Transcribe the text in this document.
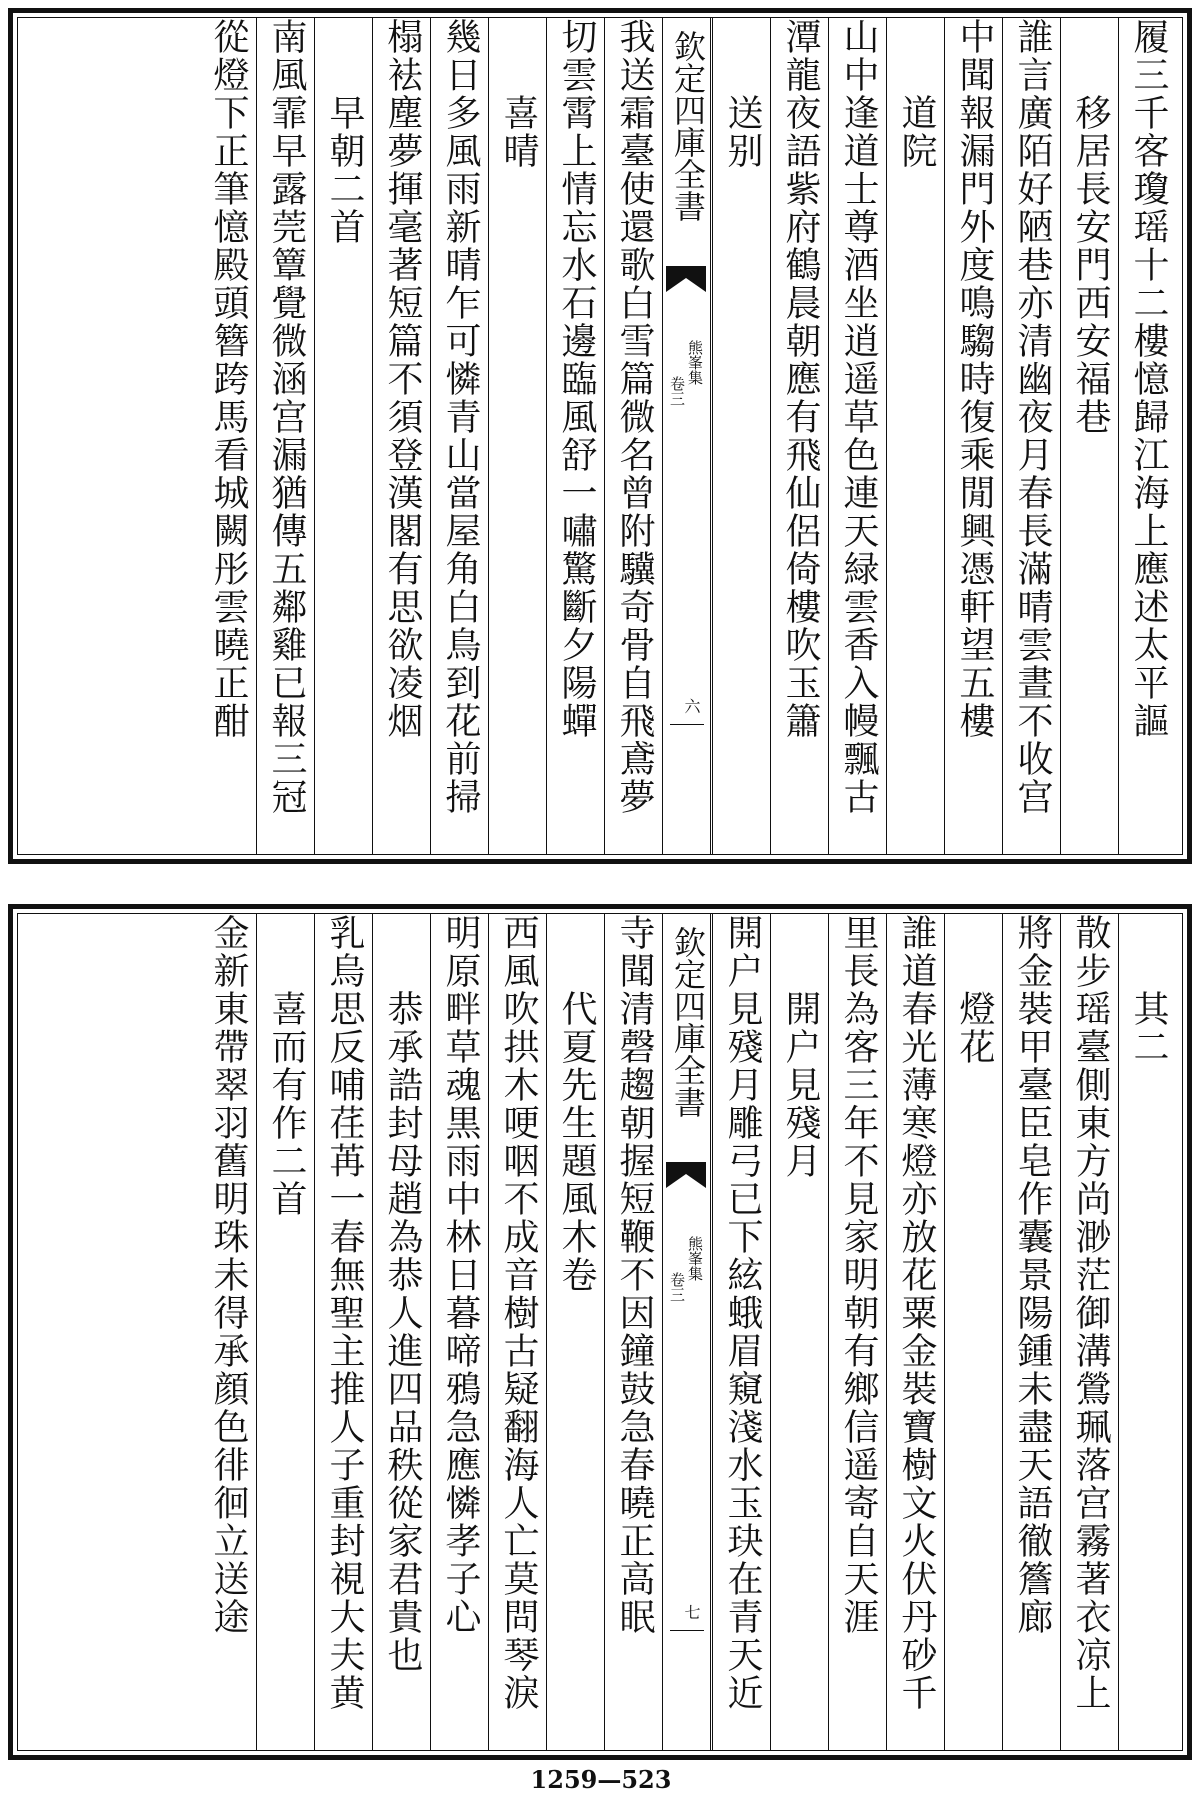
履三千客瓊瑶十二樓憶歸江海上應述太平謳
　　移居長安門西安福巷
誰言廣陌好陋巷亦清幽夜月春長滿晴雲晝不收宫
中聞報漏門外度鳴騶時復乘閒興憑軒望五樓
　　道院
山中逢道士尊酒坐逍遥草色連天緑雲香入幔飄古
潭龍夜語紫府鶴晨朝應有飛仙侶倚樓吹玉簫
　　送别
欽定四庫全書
熊峯集
卷三
六
我送霜臺使還歌白雪篇微名曾附驥奇骨自飛鳶夢
切雲霄上情忘水石邊臨風舒一嘯驚斷夕陽蟬
　　喜晴
幾日多風雨新晴乍可憐青山當屋角白鳥到花前掃
榻袪塵夢揮毫著短篇不須登漢閣有思欲凌烟
　　早朝二首
南風霏早露莞簟覺微涵宫漏猶傳五鄰雞已報三冠
從燈下正筆憶殿頭簪跨馬看城闕彤雲曉正酣
　　其二
散步瑶臺側東方尚渺茫御溝鶯珮落宫霧著衣凉上
將金裝甲臺臣皂作囊景陽鍾未盡天語徹簷廊
　　燈花
誰道春光薄寒燈亦放花粟金裝寶樹文火伏丹砂千
里長為客三年不見家明朝有鄉信遥寄自天涯
　　開户見殘月
開户見殘月雕弓已下絃蛾眉窺淺水玉玦在青天近
欽定四庫全書
熊峯集
卷三
七
寺聞清磬趨朝握短鞭不因鐘鼓急春曉正高眠
　　代夏先生題風木卷
西風吹拱木哽咽不成音樹古疑翻海人亡莫問琴淚
明原畔草魂黒雨中林日暮啼鴉急應憐孝子心
　　恭承誥封母趙為恭人進四品秩從家君貴也
乳烏思反哺荏苒一春無聖主推人子重封視大夫黄
　　喜而有作二首
金新東帶翠羽舊明珠未得承顔色徘徊立送途
1259—523
